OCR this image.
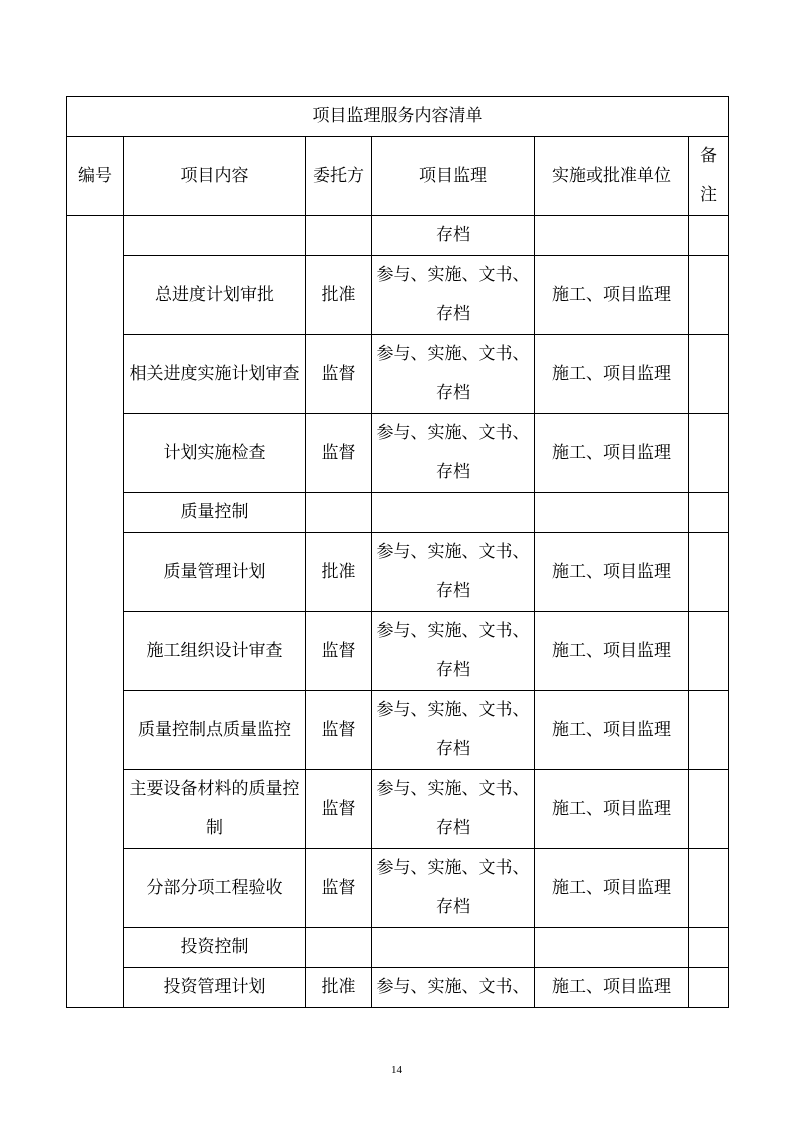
项目监理服务内容清单					
编号	项目内容	委托方	项目监理	实施或批准单位	备注
			存档		
	总进度计划审批	批准	参与、实施、文书、存档	施工、项目监理	
	相关进度实施计划审查	监督	参与、实施、文书、存档	施工、项目监理	
	计划实施检查	监督	参与、实施、文书、存档	施工、项目监理	
	质量控制				
	质量管理计划	批准	参与、实施、文书、存档	施工、项目监理	
	施工组织设计审查	监督	参与、实施、文书、存档	施工、项目监理	
	质量控制点质量监控	监督	参与、实施、文书、存档	施工、项目监理	
	主要设备材料的质量控制	监督	参与、实施、文书、存档	施工、项目监理	
	分部分项工程验收	监督	参与、实施、文书、存档	施工、项目监理	
	投资控制				
	投资管理计划	批准	参与、实施、文书、	施工、项目监理	
14
